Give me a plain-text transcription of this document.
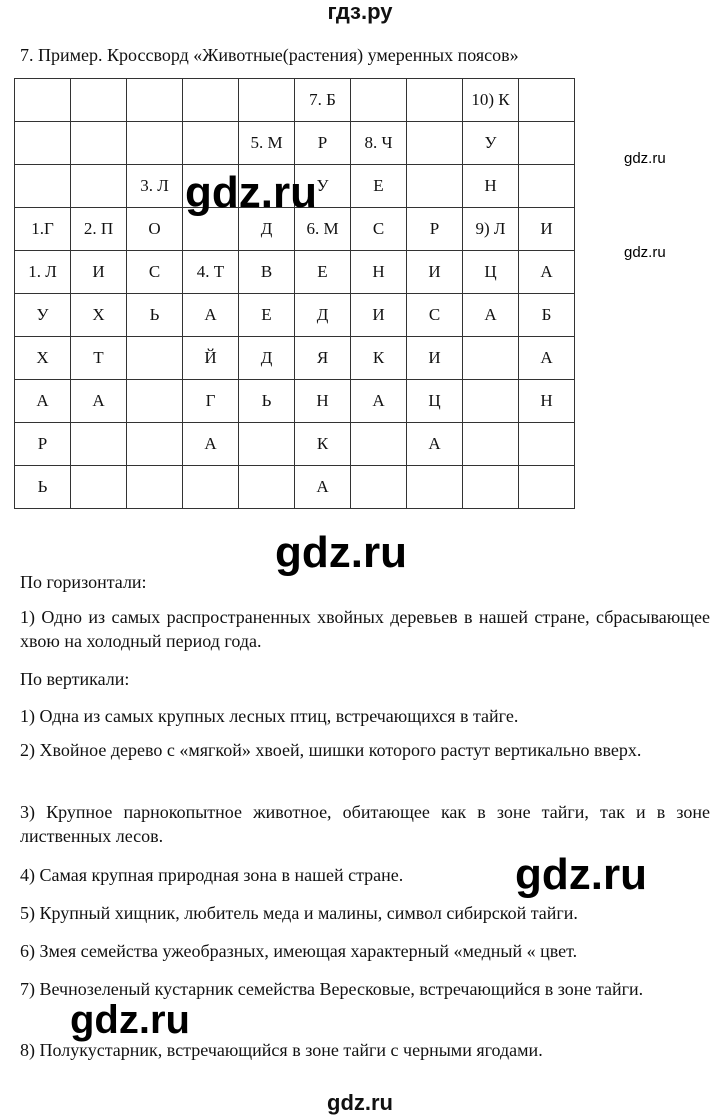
гдз.ру
7. Пример. Кроссворд «Животные(растения) умеренных поясов»
					7. Б			10) К	
				5. М	Р	8. Ч		У	
		3. Л			У	Е		Н	
1.Г	2. П	О		Д	6. М	С	Р	9) Л	И
1. Л	И	С	4. Т	В	Е	Н	И	Ц	А
У	Х	Ь	А	Е	Д	И	С	А	Б
Х	Т		Й	Д	Я	К	И		А
А	А		Г	Ь	Н	А	Ц		Н
Р			А		К		А		
Ь					А				
gdz.ru
gdz.ru
gdz.ru
gdz.ru
gdz.ru
gdz.ru
По горизонтали:
1) Одно из самых распространенных хвойных деревьев в нашей стране, сбрасывающее хвою на холодный период года.
По вертикали:
1) Одна из самых крупных лесных птиц, встречающихся в тайге.
2) Хвойное дерево с «мягкой» хвоей, шишки которого растут вертикально вверх.
3) Крупное парнокопытное животное, обитающее как в зоне тайги, так и в зоне лиственных лесов.
4) Самая крупная природная зона в нашей стране.
5) Крупный хищник, любитель меда и малины, символ сибирской тайги.
6) Змея семейства ужеобразных, имеющая характерный «медный « цвет.
7) Вечнозеленый кустарник семейства Вересковые, встречающийся в зоне тайги.
8) Полукустарник, встречающийся в зоне тайги с черными ягодами.
gdz.ru
